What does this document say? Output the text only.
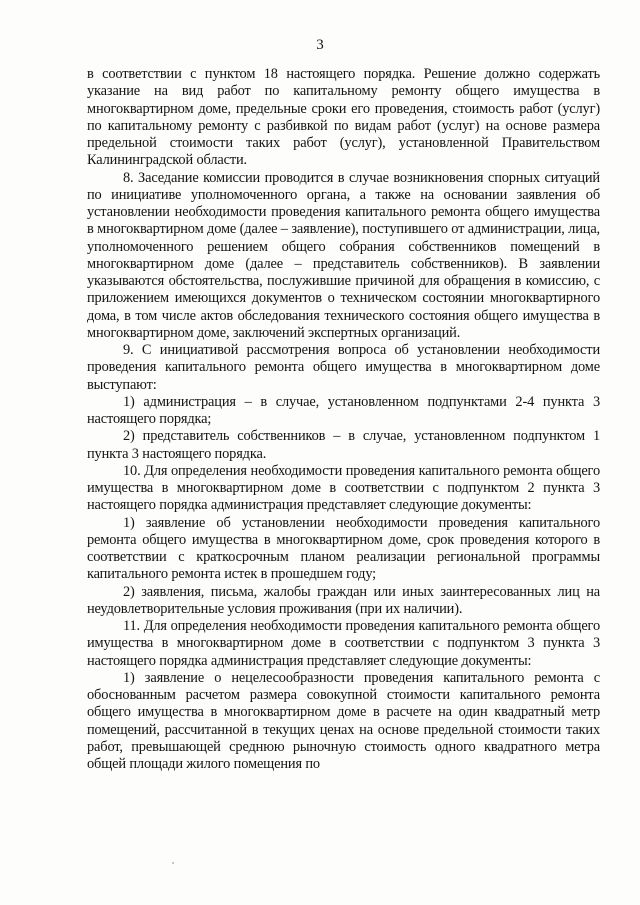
3

в соответствии с пунктом 18 настоящего порядка. Решение должно содержать указание на вид работ по капитальному ремонту общего имущества в многоквартирном доме, предельные сроки его проведения, стоимость работ (услуг) по капитальному ремонту с разбивкой по видам работ (услуг) на основе размера предельной стоимости таких работ (услуг), установленной Правительством Калининградской области.

8. Заседание комиссии проводится в случае возникновения спорных ситуаций по инициативе уполномоченного органа, а также на основании заявления об установлении необходимости проведения капитального ремонта общего имущества в многоквартирном доме (далее – заявление), поступившего от администрации, лица, уполномоченного решением общего собрания собственников помещений в многоквартирном доме (далее – представитель собственников). В заявлении указываются обстоятельства, послужившие причиной для обращения в комиссию, с приложением имеющихся документов о техническом состоянии многоквартирного дома, в том числе актов обследования технического состояния общего имущества в многоквартирном доме, заключений экспертных организаций.

9. С инициативой рассмотрения вопроса об установлении необходимости проведения капитального ремонта общего имущества в многоквартирном доме выступают:

1) администрация – в случае, установленном подпунктами 2-4 пункта 3 настоящего порядка;

2) представитель собственников – в случае, установленном подпунктом 1 пункта 3 настоящего порядка.

10. Для определения необходимости проведения капитального ремонта общего имущества в многоквартирном доме в соответствии с подпунктом 2 пункта 3 настоящего порядка администрация представляет следующие документы:

1) заявление об установлении необходимости проведения капитального ремонта общего имущества в многоквартирном доме, срок проведения которого в соответствии с краткосрочным планом реализации региональной программы капитального ремонта истек в прошедшем году;

2) заявления, письма, жалобы граждан или иных заинтересованных лиц на неудовлетворительные условия проживания (при их наличии).

11. Для определения необходимости проведения капитального ремонта общего имущества в многоквартирном доме в соответствии с подпунктом 3 пункта 3 настоящего порядка администрация представляет следующие документы:

1) заявление о нецелесообразности проведения капитального ремонта с обоснованным расчетом размера совокупной стоимости капитального ремонта общего имущества в многоквартирном доме в расчете на один квадратный метр помещений, рассчитанной в текущих ценах на основе предельной стоимости таких работ, превышающей среднюю рыночную стоимость одного квадратного метра общей площади жилого помещения по
